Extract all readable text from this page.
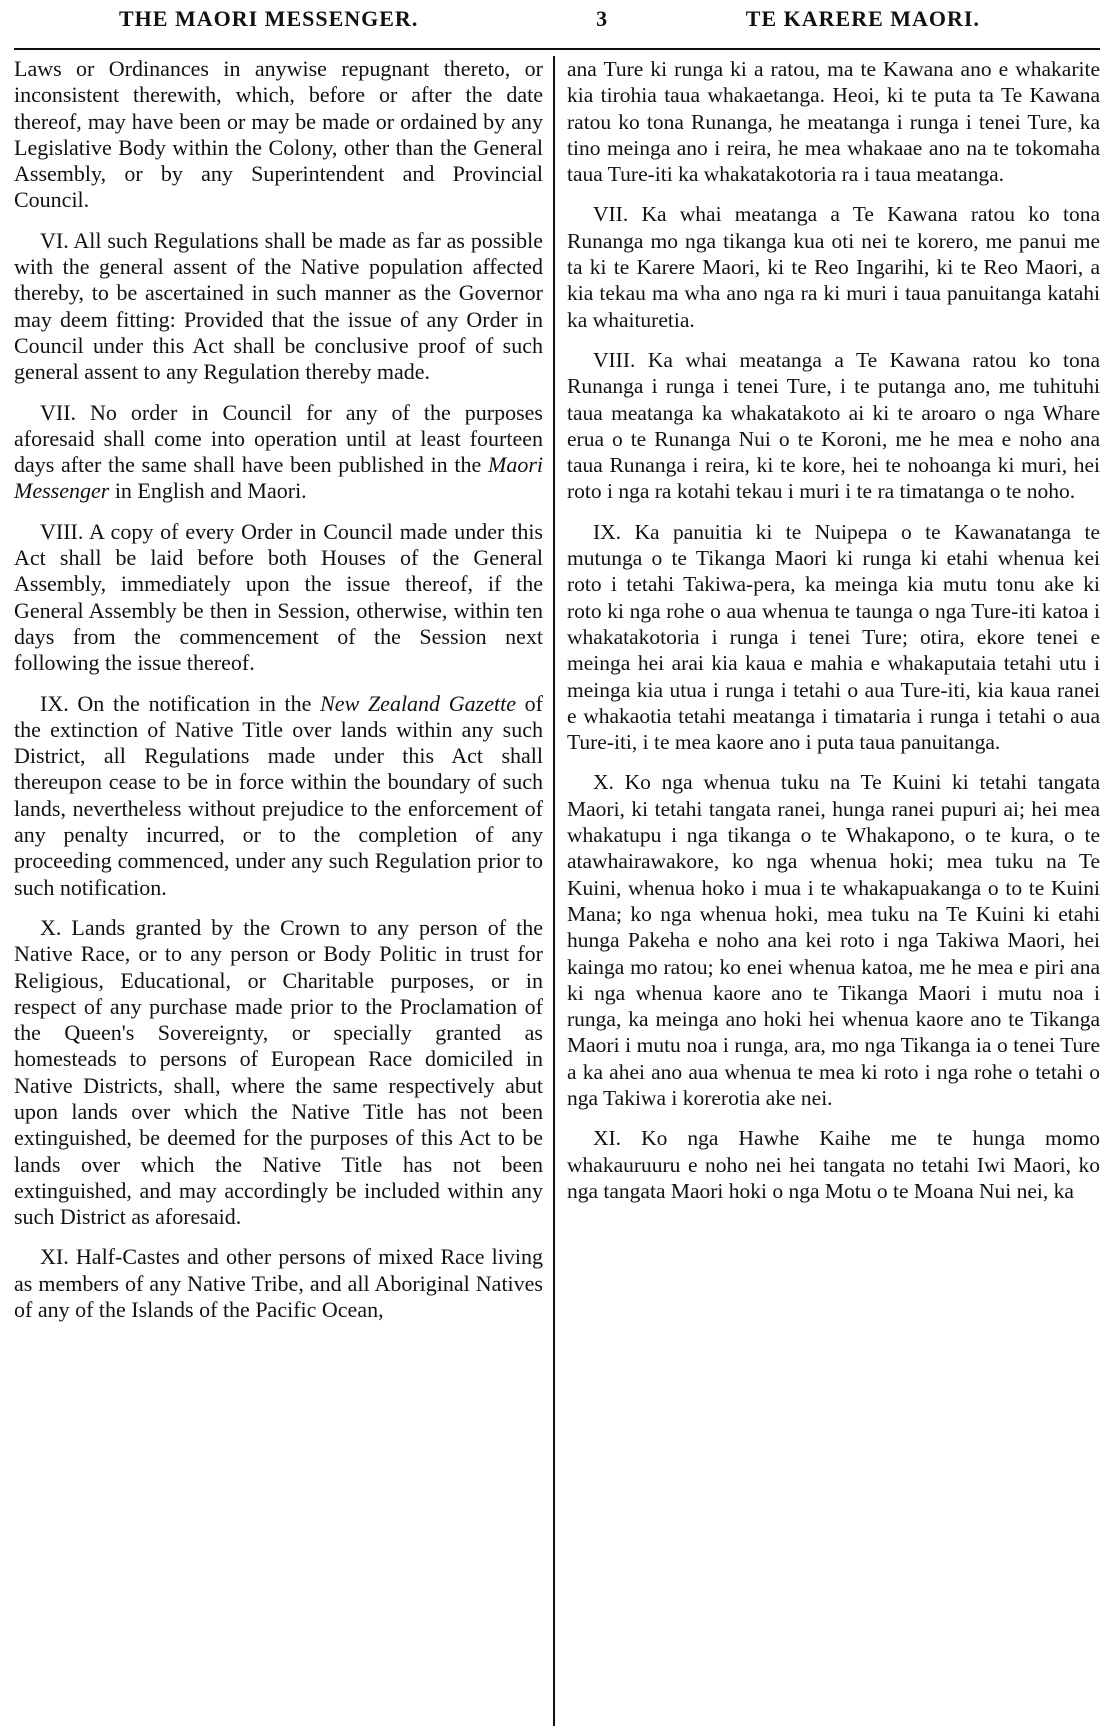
THE MAORI MESSENGER.	3	TE KARERE MAORI.

Laws or Ordinances in anywise repugnant thereto, or inconsistent therewith, which, before or after the date thereof, may have been or may be made or ordained by any Legislative Body within the Colony, other than the General Assembly, or by any Superintendent and Provincial Council.

VI. All such Regulations shall be made as far as possible with the general assent of the Native population affected thereby, to be ascertained in such manner as the Governor may deem fitting: Provided that the issue of any Order in Council under this Act shall be conclusive proof of such general assent to any Regulation thereby made.

VII. No order in Council for any of the purposes aforesaid shall come into operation until at least fourteen days after the same shall have been published in the Maori Messenger in English and Maori.

VIII. A copy of every Order in Council made under this Act shall be laid before both Houses of the General Assembly, immediately upon the issue thereof, if the General Assembly be then in Session, otherwise, within ten days from the commencement of the Session next following the issue thereof.

IX. On the notification in the New Zealand Gazette of the extinction of Native Title over lands within any such District, all Regulations made under this Act shall thereupon cease to be in force within the boundary of such lands, nevertheless without prejudice to the enforcement of any penalty incurred, or to the completion of any proceeding commenced, under any such Regulation prior to such notification.

X. Lands granted by the Crown to any person of the Native Race, or to any person or Body Politic in trust for Religious, Educational, or Charitable purposes, or in respect of any purchase made prior to the Proclamation of the Queen's Sovereignty, or specially granted as homesteads to persons of European Race domiciled in Native Districts, shall, where the same respectively abut upon lands over which the Native Title has not been extinguished, be deemed for the purposes of this Act to be lands over which the Native Title has not been extinguished, and may accordingly be included within any such District as aforesaid.

XI. Half-Castes and other persons of mixed Race living as members of any Native Tribe, and all Aboriginal Natives of any of the Islands of the Pacific Ocean,

ana Ture ki runga ki a ratou, ma te Kawana ano e whakarite kia tirohia taua whakaetanga. Heoi, ki te puta ta Te Kawana ratou ko tona Runanga, he meatanga i runga i tenei Ture, ka tino meinga ano i reira, he mea whakaae ano na te tokomaha taua Ture-iti ka whakatakotoria ra i taua meatanga.

VII. Ka whai meatanga a Te Kawana ratou ko tona Runanga mo nga tikanga kua oti nei te korero, me panui me ta ki te Karere Maori, ki te Reo Ingarihi, ki te Reo Maori, a kia tekau ma wha ano nga ra ki muri i taua panuitanga katahi ka whaituretia.

VIII. Ka whai meatanga a Te Kawana ratou ko tona Runanga i runga i tenei Ture, i te putanga ano, me tuhituhi taua meatanga ka whakatakoto ai ki te aroaro o nga Whare erua o te Runanga Nui o te Koroni, me he mea e noho ana taua Runanga i reira, ki te kore, hei te nohoanga ki muri, hei roto i nga ra kotahi tekau i muri i te ra timatanga o te noho.

IX. Ka panuitia ki te Nuipepa o te Kawanatanga te mutunga o te Tikanga Maori ki runga ki etahi whenua kei roto i tetahi Takiwa-pera, ka meinga kia mutu tonu ake ki roto ki nga rohe o aua whenua te taunga o nga Ture-iti katoa i whakatakotoria i runga i tenei Ture; otira, ekore tenei e meinga hei arai kia kaua e mahia e whakaputaia tetahi utu i meinga kia utua i runga i tetahi o aua Ture-iti, kia kaua ranei e whakaotia tetahi meatanga i timataria i runga i tetahi o aua Ture-iti, i te mea kaore ano i puta taua panuitanga.

X. Ko nga whenua tuku na Te Kuini ki tetahi tangata Maori, ki tetahi tangata ranei, hunga ranei pupuri ai; hei mea whakatupu i nga tikanga o te Whakapono, o te kura, o te atawhairawakore, ko nga whenua hoki; mea tuku na Te Kuini, whenua hoko i mua i te whakapuakanga o to te Kuini Mana; ko nga whenua hoki, mea tuku na Te Kuini ki etahi hunga Pakeha e noho ana kei roto i nga Takiwa Maori, hei kainga mo ratou; ko enei whenua katoa, me he mea e piri ana ki nga whenua kaore ano te Tikanga Maori i mutu noa i runga, ka meinga ano hoki hei whenua kaore ano te Tikanga Maori i mutu noa i runga, ara, mo nga Tikanga ia o tenei Ture a ka ahei ano aua whenua te mea ki roto i nga rohe o tetahi o nga Takiwa i korerotia ake nei.

XI. Ko nga Hawhe Kaihe me te hunga momo whakauruuru e noho nei hei tangata no tetahi Iwi Maori, ko nga tangata Maori hoki o nga Motu o te Moana Nui nei, ka
